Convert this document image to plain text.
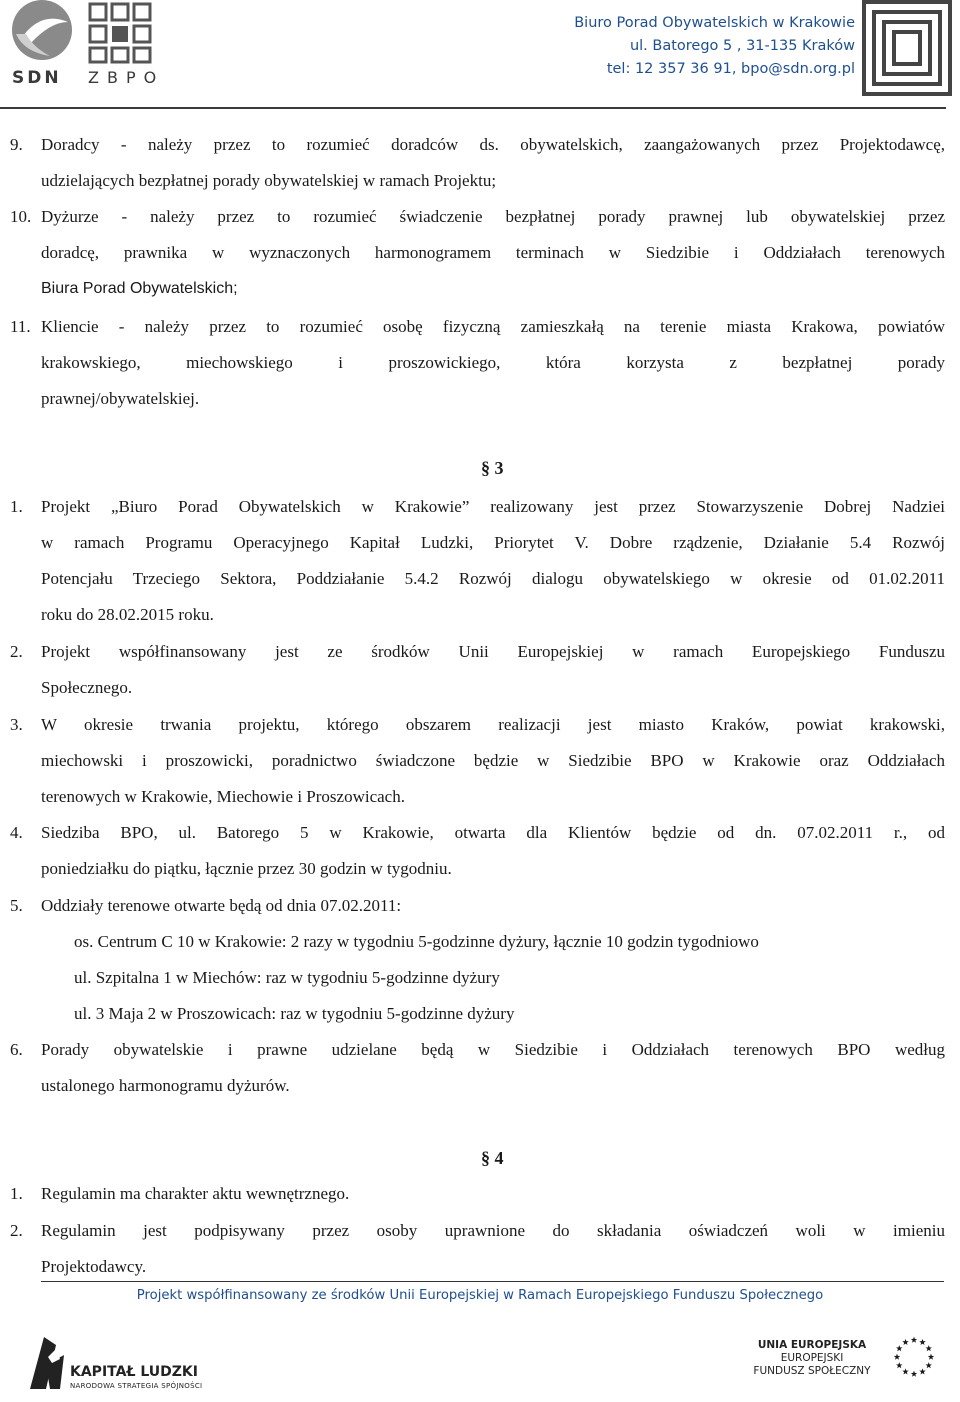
SDN ZBPO
Biuro Porad Obywatelskich w Krakowie
ul. Batorego 5 , 31-135 Kraków
tel: 12 357 36 91, bpo@sdn.org.pl
9. Doradcy - należy przez to rozumieć doradców ds. obywatelskich, zaangażowanych przez Projektodawcę,
udzielających bezpłatnej porady obywatelskiej w ramach Projektu;
10. Dyżurze - należy przez to rozumieć świadczenie bezpłatnej porady prawnej lub obywatelskiej przez
doradcę, prawnika w wyznaczonych harmonogramem terminach w Siedzibie i Oddziałach terenowych
Biura Porad Obywatelskich;
11. Kliencie - należy przez to rozumieć osobę fizyczną zamieszkałą na terenie miasta Krakowa, powiatów
krakowskiego, miechowskiego i proszowickiego, która korzysta z bezpłatnej porady
prawnej/obywatelskiej.
§ 3
1. Projekt „Biuro Porad Obywatelskich w Krakowie” realizowany jest przez Stowarzyszenie Dobrej Nadziei
w ramach Programu Operacyjnego Kapitał Ludzki, Priorytet V. Dobre rządzenie, Działanie 5.4 Rozwój
Potencjału Trzeciego Sektora, Poddziałanie 5.4.2 Rozwój dialogu obywatelskiego w okresie od 01.02.2011
roku do 28.02.2015 roku.
2. Projekt współfinansowany jest ze środków Unii Europejskiej w ramach Europejskiego Funduszu
Społecznego.
3. W okresie trwania projektu, którego obszarem realizacji jest miasto Kraków, powiat krakowski,
miechowski i proszowicki, poradnictwo świadczone będzie w Siedzibie BPO w Krakowie oraz Oddziałach
terenowych w Krakowie, Miechowie i Proszowicach.
4. Siedziba BPO, ul. Batorego 5 w Krakowie, otwarta dla Klientów będzie od dn. 07.02.2011 r., od
poniedziałku do piątku, łącznie przez 30 godzin w tygodniu.
5. Oddziały terenowe otwarte będą od dnia 07.02.2011:
os. Centrum C 10 w Krakowie: 2 razy w tygodniu 5-godzinne dyżury, łącznie 10 godzin tygodniowo
ul. Szpitalna 1 w Miechów: raz w tygodniu 5-godzinne dyżury
ul. 3 Maja 2 w Proszowicach: raz w tygodniu 5-godzinne dyżury
6. Porady obywatelskie i prawne udzielane będą w Siedzibie i Oddziałach terenowych BPO według
ustalonego harmonogramu dyżurów.
§ 4
1. Regulamin ma charakter aktu wewnętrznego.
2. Regulamin jest podpisywany przez osoby uprawnione do składania oświadczeń woli w imieniu
Projektodawcy.
Projekt współfinansowany ze środków Unii Europejskiej w Ramach Europejskiego Funduszu Społecznego
KAPITAŁ LUDZKI
NARODOWA STRATEGIA SPÓJNOŚCI
UNIA EUROPEJSKA
EUROPEJSKI
FUNDUSZ SPOŁECZNY
